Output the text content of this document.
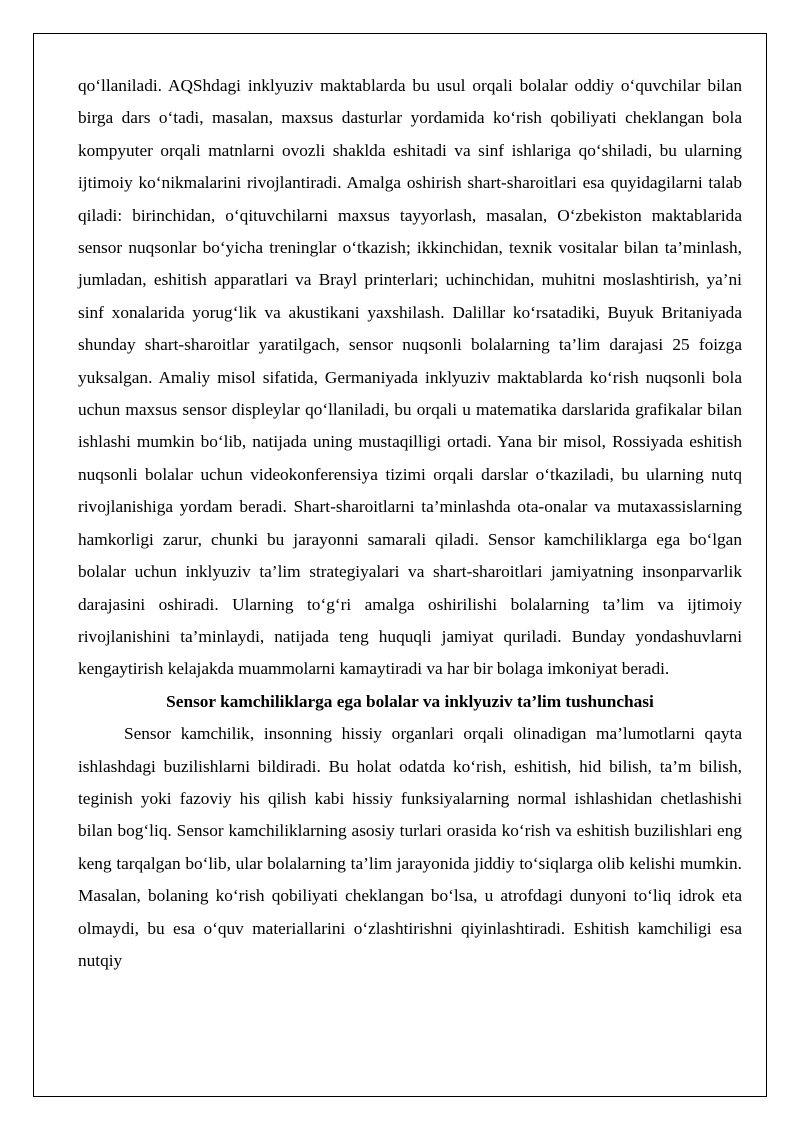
qo‘llaniladi. AQShdagi inklyuziv maktablarda bu usul orqali bolalar oddiy o‘quvchilar bilan birga dars o‘tadi, masalan, maxsus dasturlar yordamida ko‘rish qobiliyati cheklangan bola kompyuter orqali matnlarni ovozli shaklda eshitadi va sinf ishlariga qo‘shiladi, bu ularning ijtimoiy ko‘nikmalarini rivojlantiradi. Amalga oshirish shart-sharoitlari esa quyidagilarni talab qiladi: birinchidan, o‘qituvchilarni maxsus tayyorlash, masalan, O‘zbekiston maktablarida sensor nuqsonlar bo‘yicha treninglar o‘tkazish; ikkinchidan, texnik vositalar bilan ta’minlash, jumladan, eshitish apparatlari va Brayl printerlari; uchinchidan, muhitni moslashtirish, ya’ni sinf xonalarida yorug‘lik va akustikani yaxshilash. Dalillar ko‘rsatadiki, Buyuk Britaniyada shunday shart-sharoitlar yaratilgach, sensor nuqsonli bolalarning ta’lim darajasi 25 foizga yuksalgan. Amaliy misol sifatida, Germaniyada inklyuziv maktablarda ko‘rish nuqsonli bola uchun maxsus sensor displeylar qo‘llaniladi, bu orqali u matematika darslarida grafikalar bilan ishlashi mumkin bo‘lib, natijada uning mustaqilligi ortadi. Yana bir misol, Rossiyada eshitish nuqsonli bolalar uchun videokonferensiya tizimi orqali darslar o‘tkaziladi, bu ularning nutq rivojlanishiga yordam beradi. Shart-sharoitlarni ta’minlashda ota-onalar va mutaxassislarning hamkorligi zarur, chunki bu jarayonni samarali qiladi. Sensor kamchiliklarga ega bo‘lgan bolalar uchun inklyuziv ta’lim strategiyalari va shart-sharoitlari jamiyatning insonparvarlik darajasini oshiradi. Ularning to‘g‘ri amalga oshirilishi bolalarning ta’lim va ijtimoiy rivojlanishini ta’minlaydi, natijada teng huquqli jamiyat quriladi. Bunday yondashuvlarni kengaytirish kelajakda muammolarni kamaytiradi va har bir bolaga imkoniyat beradi.

Sensor kamchiliklarga ega bolalar va inklyuziv ta’lim tushunchasi

Sensor kamchilik, insonning hissiy organlari orqali olinadigan ma’lumotlarni qayta ishlashdagi buzilishlarni bildiradi. Bu holat odatda ko‘rish, eshitish, hid bilish, ta’m bilish, teginish yoki fazoviy his qilish kabi hissiy funksiyalarning normal ishlashidan chetlashishi bilan bog‘liq. Sensor kamchiliklarning asosiy turlari orasida ko‘rish va eshitish buzilishlari eng keng tarqalgan bo‘lib, ular bolalarning ta’lim jarayonida jiddiy to‘siqlarga olib kelishi mumkin. Masalan, bolaning ko‘rish qobiliyati cheklangan bo‘lsa, u atrofdagi dunyoni to‘liq idrok eta olmaydi, bu esa o‘quv materiallarini o‘zlashtirishni qiyinlashtiradi. Eshitish kamchiligi esa nutqiy
